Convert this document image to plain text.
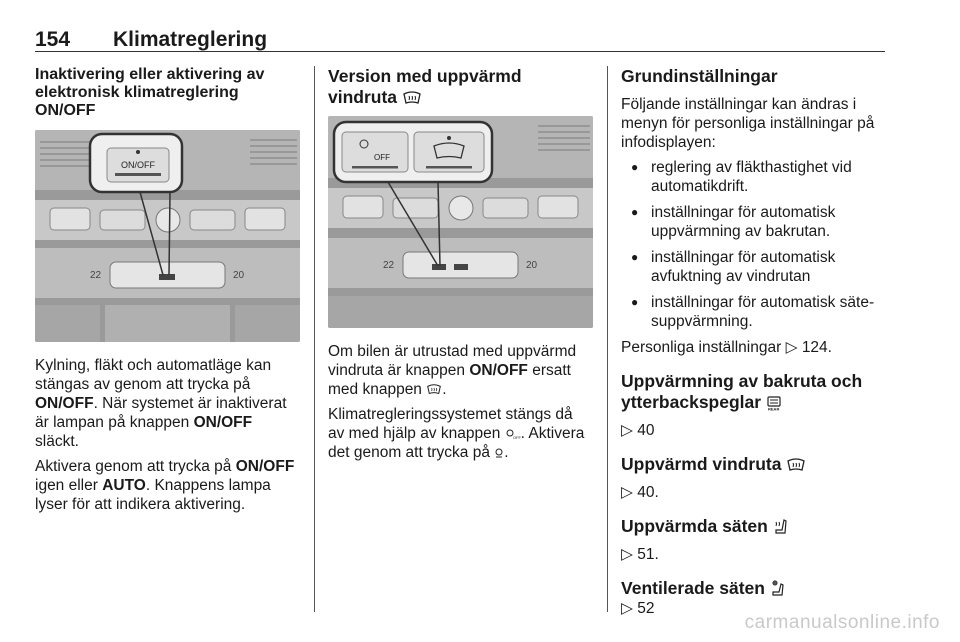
154 Klimatreglering
Inaktivering eller aktivering av elektronisk klimatreglering ON/OFF
22	20
ON/OFF

Kylning, fläkt och automatläge kan stängas av genom att trycka på ON/OFF. När systemet är inaktiverat är lampan på knappen ON/OFF släckt.

Aktivera genom att trycka på ON/OFF igen eller AUTO. Knappens lampa lyser för att indikera aktivering.

Version med uppvärmd
vindruta
22	20
OFF

Om bilen är utrustad med uppvärmd vindruta är knappen ON/OFF ersatt med knappen .

Klimatregleringssystemet stängs då av med hjälp av knappen OFF . Aktivera det genom att trycka på .

Grundinställningar

Följande inställningar kan ändras i menyn för personliga inställningar på infodisplayen:

● reglering av fläkthastighet vid automatikdrift.
● inställningar för automatisk uppvärmning av bakrutan.
● inställningar för automatisk avfuktning av vindrutan
● inställningar för automatisk sätesuppvärmning.

Personliga inställningar ▷ 124.

Uppvärmning av bakruta och
ytterbackspeglar REAR

▷ 40

Uppvärmd vindruta

▷ 40.

Uppvärmda säten

▷ 51.

Ventilerade säten

▷ 52

carmanualsonline.info
